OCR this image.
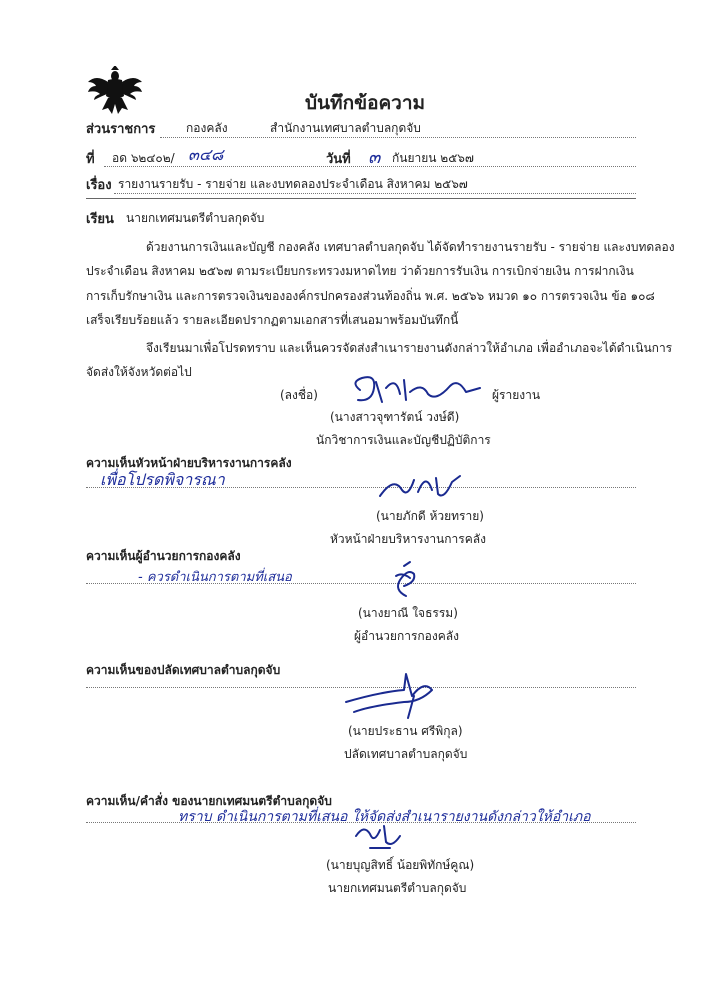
บันทึกข้อความ
ส่วนราชการ	กองคลัง	สำนักงานเทศบาลตำบลกุดจับ
ที่ อด ๖๒๔๐๒/ ๓๔๘	วันที่ ๓ กันยายน ๒๕๖๗
เรื่อง รายงานรายรับ - รายจ่าย และงบทดลองประจำเดือน สิงหาคม ๒๕๖๗
เรียน นายกเทศมนตรีตำบลกุดจับ
ด้วยงานการเงินและบัญชี กองคลัง เทศบาลตำบลกุดจับ ได้จัดทำรายงานรายรับ - รายจ่าย และงบทดลอง
ประจำเดือน สิงหาคม ๒๕๖๗ ตามระเบียบกระทรวงมหาดไทย ว่าด้วยการรับเงิน การเบิกจ่ายเงิน การฝากเงิน
การเก็บรักษาเงิน และการตรวจเงินขององค์กรปกครองส่วนท้องถิ่น พ.ศ. ๒๕๖๖ หมวด ๑๐ การตรวจเงิน ข้อ ๑๐๘
เสร็จเรียบร้อยแล้ว รายละเอียดปรากฏตามเอกสารที่เสนอมาพร้อมบันทึกนี้
จึงเรียนมาเพื่อโปรดทราบ และเห็นควรจัดส่งสำเนารายงานดังกล่าวให้อำเภอ เพื่ออำเภอจะได้ดำเนินการ
จัดส่งให้จังหวัดต่อไป
(ลงชื่อ)	ผู้รายงาน
(นางสาวจุฑารัตน์ วงษ์ดี)
นักวิชาการเงินและบัญชีปฏิบัติการ
ความเห็นหัวหน้าฝ่ายบริหารงานการคลัง
เพื่อโปรดพิจารณา
(นายภักดี ห้วยทราย)
หัวหน้าฝ่ายบริหารงานการคลัง
ความเห็นผู้อำนวยการกองคลัง
- ควรดำเนินการตามที่เสนอ
(นางยาณี ใจธรรม)
ผู้อำนวยการกองคลัง
ความเห็นของปลัดเทศบาลตำบลกุดจับ
(นายประธาน ศรีพิกุล)
ปลัดเทศบาลตำบลกุดจับ
ความเห็น/คำสั่ง ของนายกเทศมนตรีตำบลกุดจับ
ทราบ ดำเนินการตามที่เสนอ ให้จัดส่งสำเนารายงานดังกล่าวให้อำเภอ
(นายบุญสิทธิ์ น้อยพิทักษ์คูณ)
นายกเทศมนตรีตำบลกุดจับ
